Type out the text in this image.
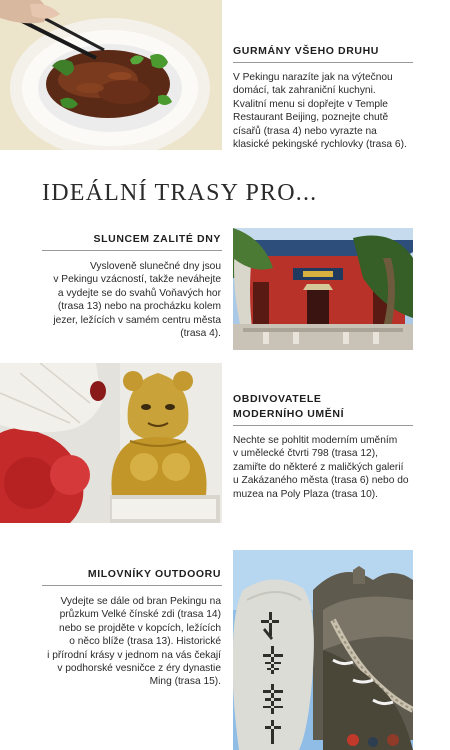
GURMÁNY VŠEHO DRUHU
V Pekingu narazíte jak na výtečnou
domácí, tak zahraniční kuchyni.
Kvalitní menu si dopřejte v Temple
Restaurant Beijing, poznejte chutě
císařů (trasa 4) nebo vyrazte na
klasické pekingské rychlovky (trasa 6).
IDEÁLNÍ TRASY PRO...
SLUNCEM ZALITÉ DNY
Vysloveně slunečné dny jsou
v Pekingu vzácností, takže neváhejte
a vydejte se do svahů Voňavých hor
(trasa 13) nebo na procházku kolem
jezer, ležících v samém centru města
(trasa 4).
OBDIVOVATELE
MODERNÍHO UMĚNÍ
Nechte se pohltit moderním uměním
v umělecké čtvrti 798 (trasa 12),
zamiřte do některé z maličkých galerií
u Zakázaného města (trasa 6) nebo do
muzea na Poly Plaza (trasa 10).
MILOVNÍKY OUTDOORU
Vydejte se dále od bran Pekingu na
průzkum Velké čínské zdi (trasa 14)
nebo se projděte v kopcích, ležících
o něco blíže (trasa 13). Historické
i přírodní krásy v jednom na vás čekají
v podhorské vesničce z éry dynastie
Ming (trasa 15).
